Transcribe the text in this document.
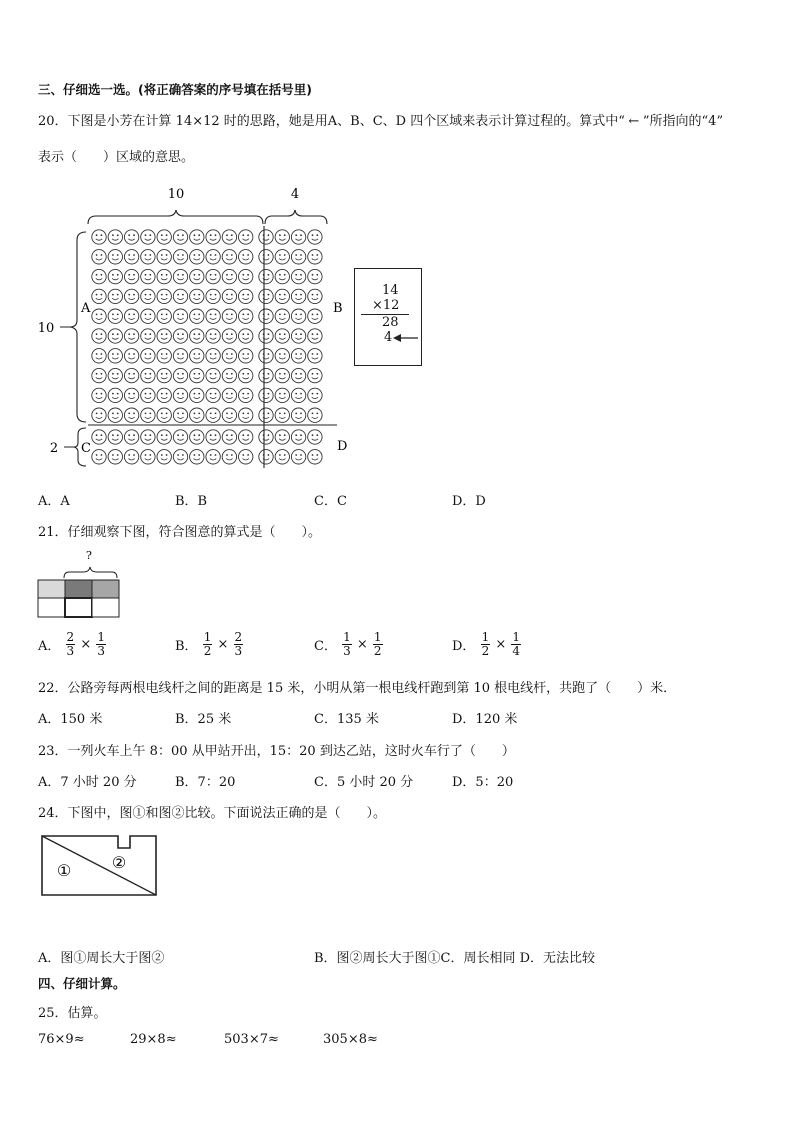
三、仔细选一选。(将正确答案的序号填在括号里)
20．下图是小芳在计算 14×12 时的思路，她是用A、B、C、D 四个区域来表示计算过程的。算式中“ ← ”所指向的“4”
表示（　　）区域的意思。
10	4
10
2
A	B
C	D
14
×12
28
4
A．A	B．B	C．C	D．D
21．仔细观察下图，符合图意的算式是（　　）。
?
A． $\frac{2}{3} \times \frac{1}{3}$	B． $\frac{1}{2} \times \frac{2}{3}$	C． $\frac{1}{3} \times \frac{1}{2}$	D． $\frac{1}{2} \times \frac{1}{4}$
22．公路旁每两根电线杆之间的距离是 15 米，小明从第一根电线杆跑到第 10 根电线杆，共跑了（　　）米．
A．150 米	B．25 米	C．135 米	D．120 米
23．一列火车上午 8：00 从甲站开出，15：20 到达乙站，这时火车行了（　　）
A．7 小时 20 分	B．7：20	C．5 小时 20 分	D．5：20
24．下图中，图①和图②比较。下面说法正确的是（　　）。
①	②
A．图①周长大于图②	B．图②周长大于图①C．周长相同 D．无法比较
四、仔细计算。
25．估算。
76×9≈	29×8≈	503×7≈	305×8≈
